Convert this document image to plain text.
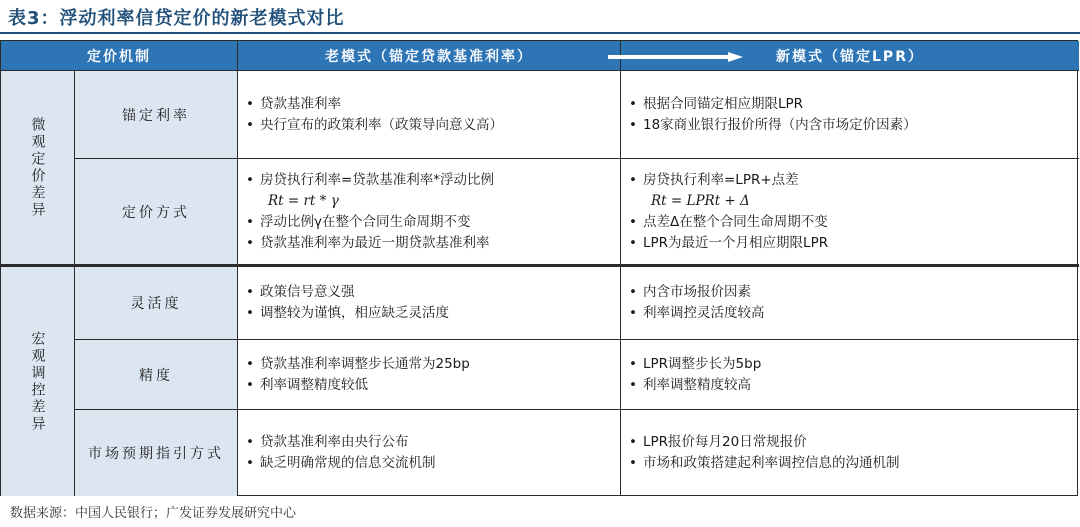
表3：浮动利率信贷定价的新老模式对比
定价机制	老模式（锚定贷款基准利率）	新模式（锚定LPR）
微观定价差异
锚定利率
• 贷款基准利率
• 央行宣布的政策利率（政策导向意义高）
• 根据合同锚定相应期限LPR
• 18家商业银行报价所得（内含市场定价因素）
定价方式
• 房贷执行利率=贷款基准利率*浮动比例
Rt = rt * γ
• 浮动比例γ在整个合同生命周期不变
• 贷款基准利率为最近一期贷款基准利率
• 房贷执行利率=LPR+点差
Rt = LPRt + Δ
• 点差Δ在整个合同生命周期不变
• LPR为最近一个月相应期限LPR
宏观调控差异
灵活度
• 政策信号意义强
• 调整较为谨慎，相应缺乏灵活度
• 内含市场报价因素
• 利率调控灵活度较高
精度
• 贷款基准利率调整步长通常为25bp
• 利率调整精度较低
• LPR调整步长为5bp
• 利率调整精度较高
市场预期指引方式
• 贷款基准利率由央行公布
• 缺乏明确常规的信息交流机制
• LPR报价每月20日常规报价
• 市场和政策搭建起利率调控信息的沟通机制
数据来源：中国人民银行；广发证券发展研究中心
